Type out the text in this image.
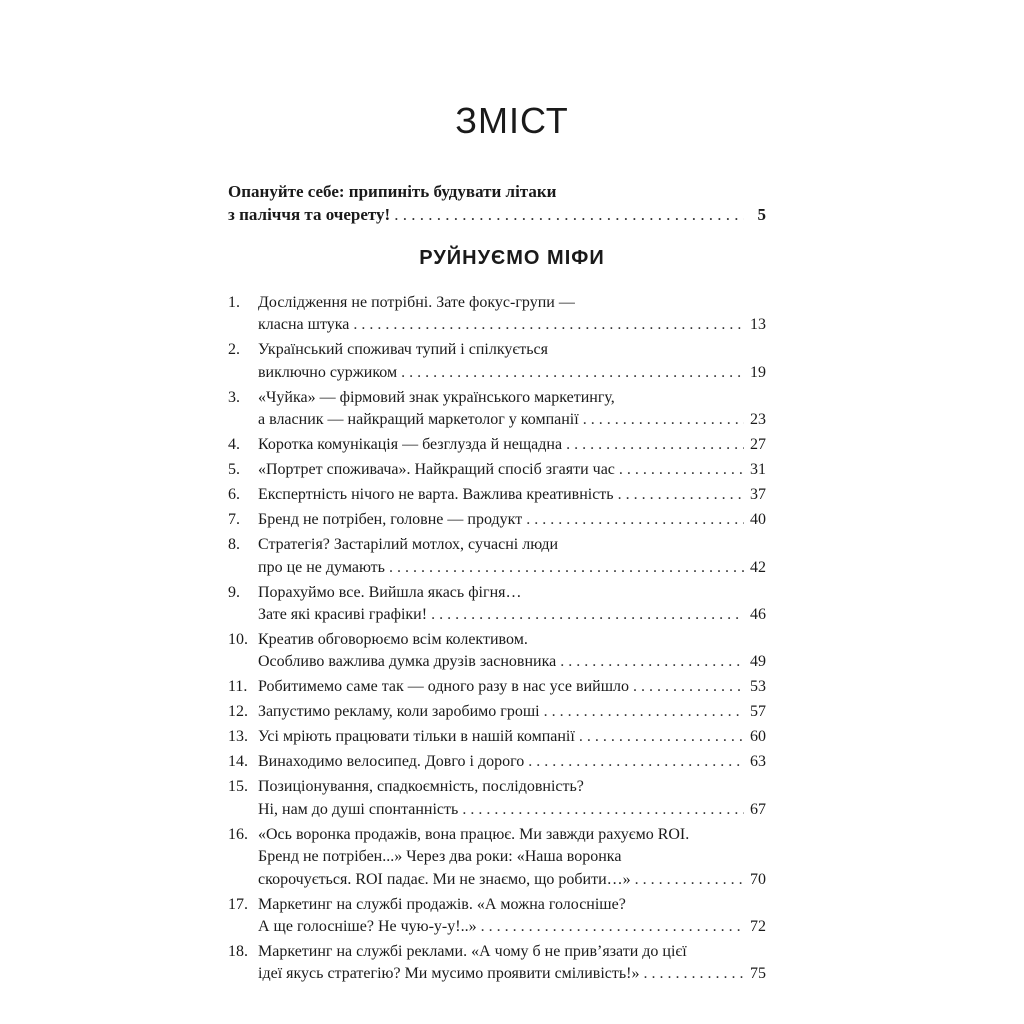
ЗМІСТ
Опануйте себе: припиніть будувати літаки
з паліччя та очерету! . . .	5
РУЙНУЄМО МІФИ
1. Дослідження не потрібні. Зате фокус-групи —
класна штука . . .	13
2. Український споживач тупий і спілкується
виключно суржиком . . .	19
3. «Чуйка» — фірмовий знак українського маркетингу,
а власник — найкращий маркетолог у компанії . . .	23
4. Коротка комунікація — безглузда й нещадна . . .	27
5. «Портрет споживача». Найкращий спосіб згаяти час . . .	31
6. Експертність нічого не варта. Важлива креативність . . .	37
7. Бренд не потрібен, головне — продукт . . .	40
8. Стратегія? Застарілий мотлох, сучасні люди
про це не думають . . .	42
9. Порахуймо все. Вийшла якась фігня…
Зате які красиві графіки! . . .	46
10. Креатив обговорюємо всім колективом.
Особливо важлива думка друзів засновника . . .	49
11. Робитимемо саме так — одного разу в нас усе вийшло . . .	53
12. Запустимо рекламу, коли заробимо гроші . . .	57
13. Усі мріють працювати тільки в нашій компанії . . .	60
14. Винаходимо велосипед. Довго і дорого . . .	63
15. Позиціонування, спадкоємність, послідовність?
Ні, нам до душі спонтанність . . .	67
16. «Ось воронка продажів, вона працює. Ми завжди рахуємо ROI.
Бренд не потрібен...» Через два роки: «Наша воронка
скорочується. ROI падає. Ми не знаємо, що робити…» . . .	70
17. Маркетинг на службі продажів. «А можна голосніше?
А ще голосніше? Не чую-у-у!..» . . .	72
18. Маркетинг на службі реклами. «А чому б не прив’язати до цієї
ідеї якусь стратегію? Ми мусимо проявити сміливість!» . . .	75
